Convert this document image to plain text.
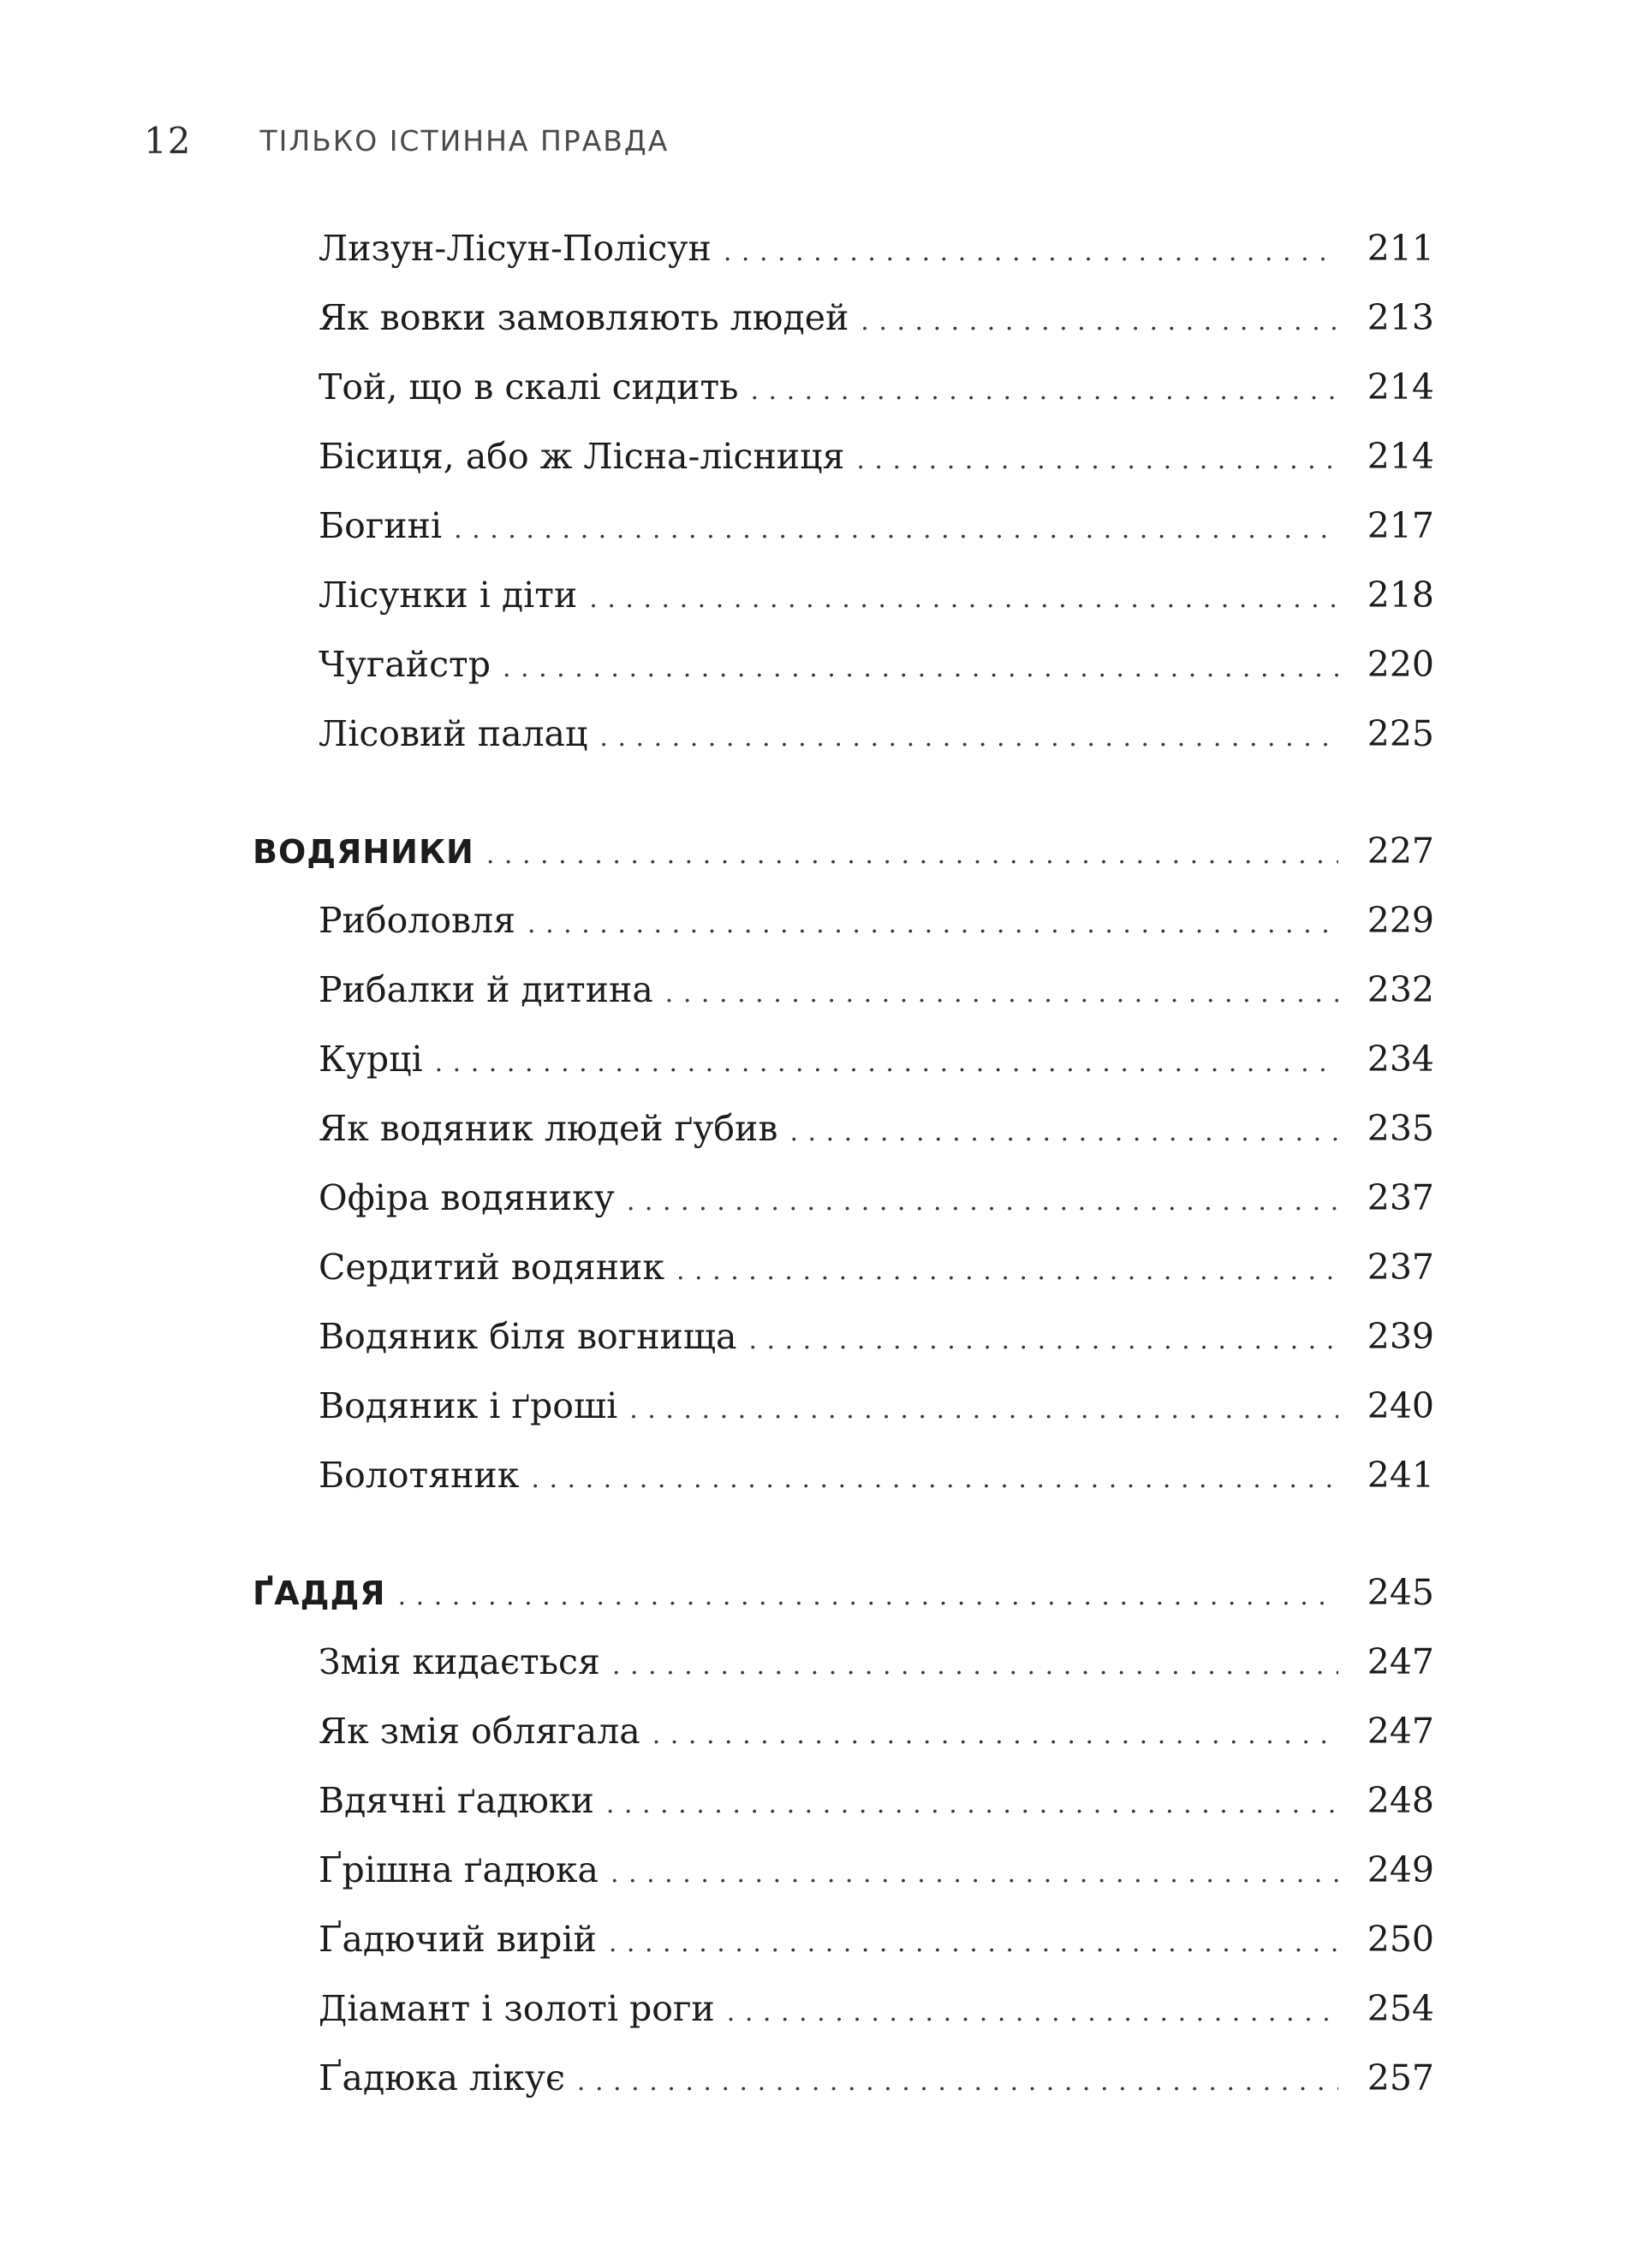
12 ТІЛЬКО ІСТИННА ПРАВДА
Лизун-Лісун-Полісун . . .	211
Як вовки замовляють людей . . .	213
Той, що в скалі сидить . . .	214
Бісиця, або ж Лісна-лісниця . . .	214
Богині . . .	217
Лісунки і діти . . .	218
Чугайстр . . .	220
Лісовий палац . . .	225
ВОДЯНИКИ . . .	227
Риболовля . . .	229
Рибалки й дитина . . .	232
Курці . . .	234
Як водяник людей ґубив . . .	235
Офіра водянику . . .	237
Сердитий водяник . . .	237
Водяник біля вогнища . . .	239
Водяник і ґроші . . .	240
Болотяник . . .	241
ҐАДДЯ . . .	245
Змія кидається . . .	247
Як змія облягала . . .	247
Вдячні ґадюки . . .	248
Ґрішна ґадюка . . .	249
Ґадючий вирій . . .	250
Діамант і золоті роги . . .	254
Ґадюка лікує . . .	257
